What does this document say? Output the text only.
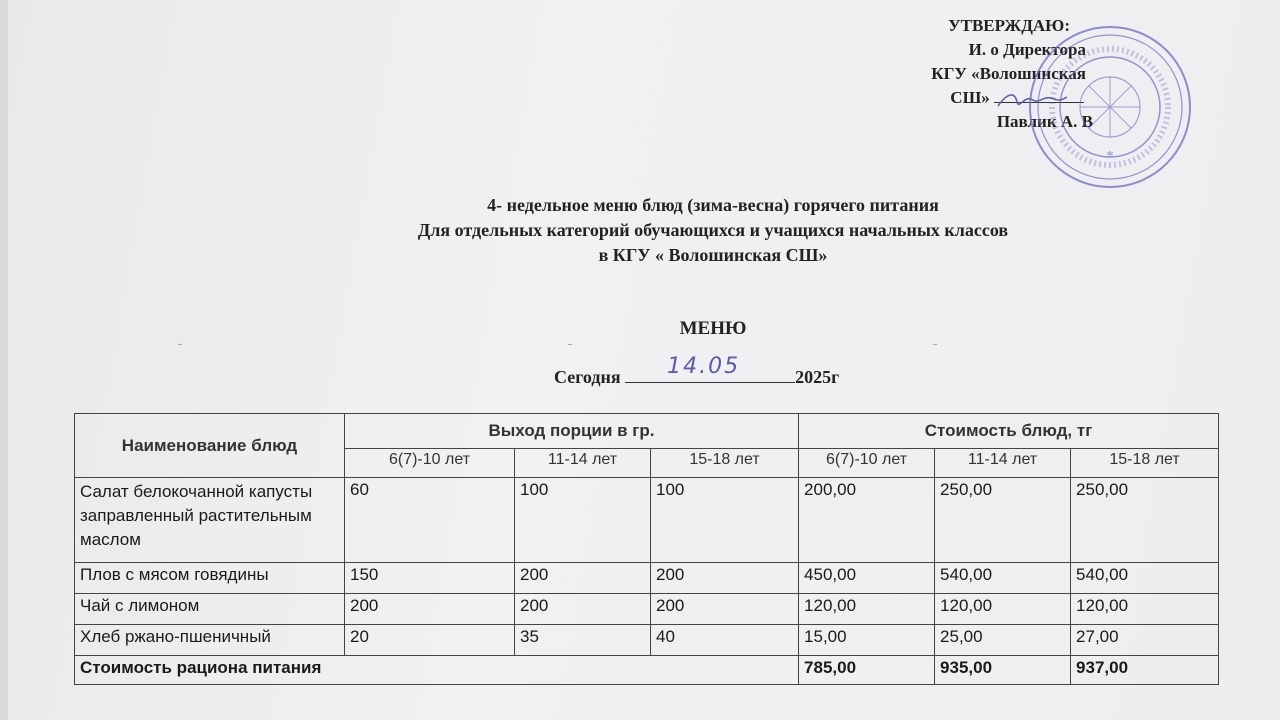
УТВЕРЖДАЮ:
И. о Директора
КГУ «Волошинская
СШ»
Павлик А. В
*
4- недельное меню блюд (зима-весна) горячего питания
Для отдельных категорий обучающихся и учащихся начальных классов
в КГУ « Волошинская СШ»
МЕНЮ
¨	¨	¨
Сегодня 14.05	2025г
Наименование блюд	Выход порции в гр.			Стоимость блюд, тг		
	6(7)-10 лет	11-14 лет	15-18 лет	6(7)-10 лет	11-14 лет	15-18 лет
Салат белокочанной капусты заправленный растительным маслом	60	100	100	200,00	250,00	250,00
Плов с мясом говядины	150	200	200	450,00	540,00	540,00
Чай с лимоном	200	200	200	120,00	120,00	120,00
Хлеб ржано-пшеничный	20	35	40	15,00	25,00	27,00
Стоимость рациона питания				785,00	935,00	937,00
